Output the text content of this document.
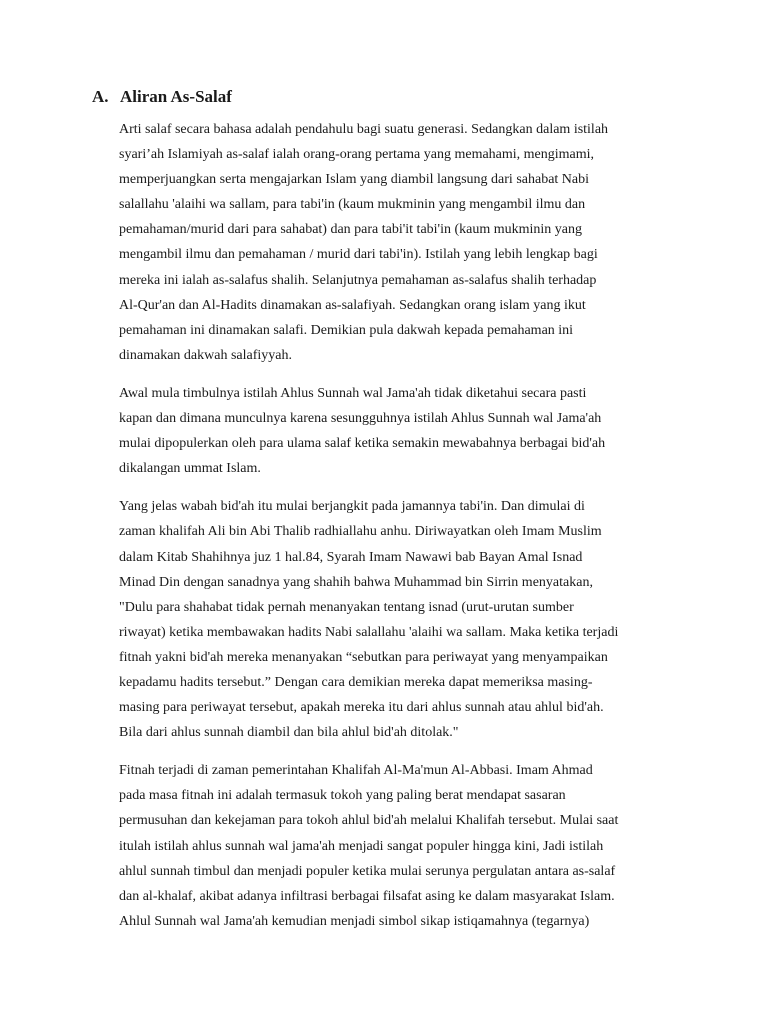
A. Aliran As-Salaf

Arti salaf secara bahasa adalah pendahulu bagi suatu generasi. Sedangkan dalam istilah
syari’ah Islamiyah as-salaf ialah orang-orang pertama yang memahami, mengimami,
memperjuangkan serta mengajarkan Islam yang diambil langsung dari sahabat Nabi
salallahu 'alaihi wa sallam, para tabi'in (kaum mukminin yang mengambil ilmu dan
pemahaman/murid dari para sahabat) dan para tabi'it tabi'in (kaum mukminin yang
mengambil ilmu dan pemahaman / murid dari tabi'in). Istilah yang lebih lengkap bagi
mereka ini ialah as-salafus shalih. Selanjutnya pemahaman as-salafus shalih terhadap
Al-Qur'an dan Al-Hadits dinamakan as-salafiyah. Sedangkan orang islam yang ikut
pemahaman ini dinamakan salafi. Demikian pula dakwah kepada pemahaman ini
dinamakan dakwah salafiyyah.

Awal mula timbulnya istilah Ahlus Sunnah wal Jama'ah tidak diketahui secara pasti
kapan dan dimana munculnya karena sesungguhnya istilah Ahlus Sunnah wal Jama'ah
mulai dipopulerkan oleh para ulama salaf ketika semakin mewabahnya berbagai bid'ah
dikalangan ummat Islam.

Yang jelas wabah bid'ah itu mulai berjangkit pada jamannya tabi'in. Dan dimulai di
zaman khalifah Ali bin Abi Thalib radhiallahu anhu. Diriwayatkan oleh Imam Muslim
dalam Kitab Shahihnya juz 1 hal.84, Syarah Imam Nawawi bab Bayan Amal Isnad
Minad Din dengan sanadnya yang shahih bahwa Muhammad bin Sirrin menyatakan,
"Dulu para shahabat tidak pernah menanyakan tentang isnad (urut-urutan sumber
riwayat) ketika membawakan hadits Nabi salallahu 'alaihi wa sallam. Maka ketika terjadi
fitnah yakni bid'ah mereka menanyakan “sebutkan para periwayat yang menyampaikan
kepadamu hadits tersebut.” Dengan cara demikian mereka dapat memeriksa masing-
masing para periwayat tersebut, apakah mereka itu dari ahlus sunnah atau ahlul bid'ah.
Bila dari ahlus sunnah diambil dan bila ahlul bid'ah ditolak."

Fitnah terjadi di zaman pemerintahan Khalifah Al-Ma'mun Al-Abbasi. Imam Ahmad
pada masa fitnah ini adalah termasuk tokoh yang paling berat mendapat sasaran
permusuhan dan kekejaman para tokoh ahlul bid'ah melalui Khalifah tersebut. Mulai saat
itulah istilah ahlus sunnah wal jama'ah menjadi sangat populer hingga kini, Jadi istilah
ahlul sunnah timbul dan menjadi populer ketika mulai serunya pergulatan antara as-salaf
dan al-khalaf, akibat adanya infiltrasi berbagai filsafat asing ke dalam masyarakat Islam.
Ahlul Sunnah wal Jama'ah kemudian menjadi simbol sikap istiqamahnya (tegarnya)
